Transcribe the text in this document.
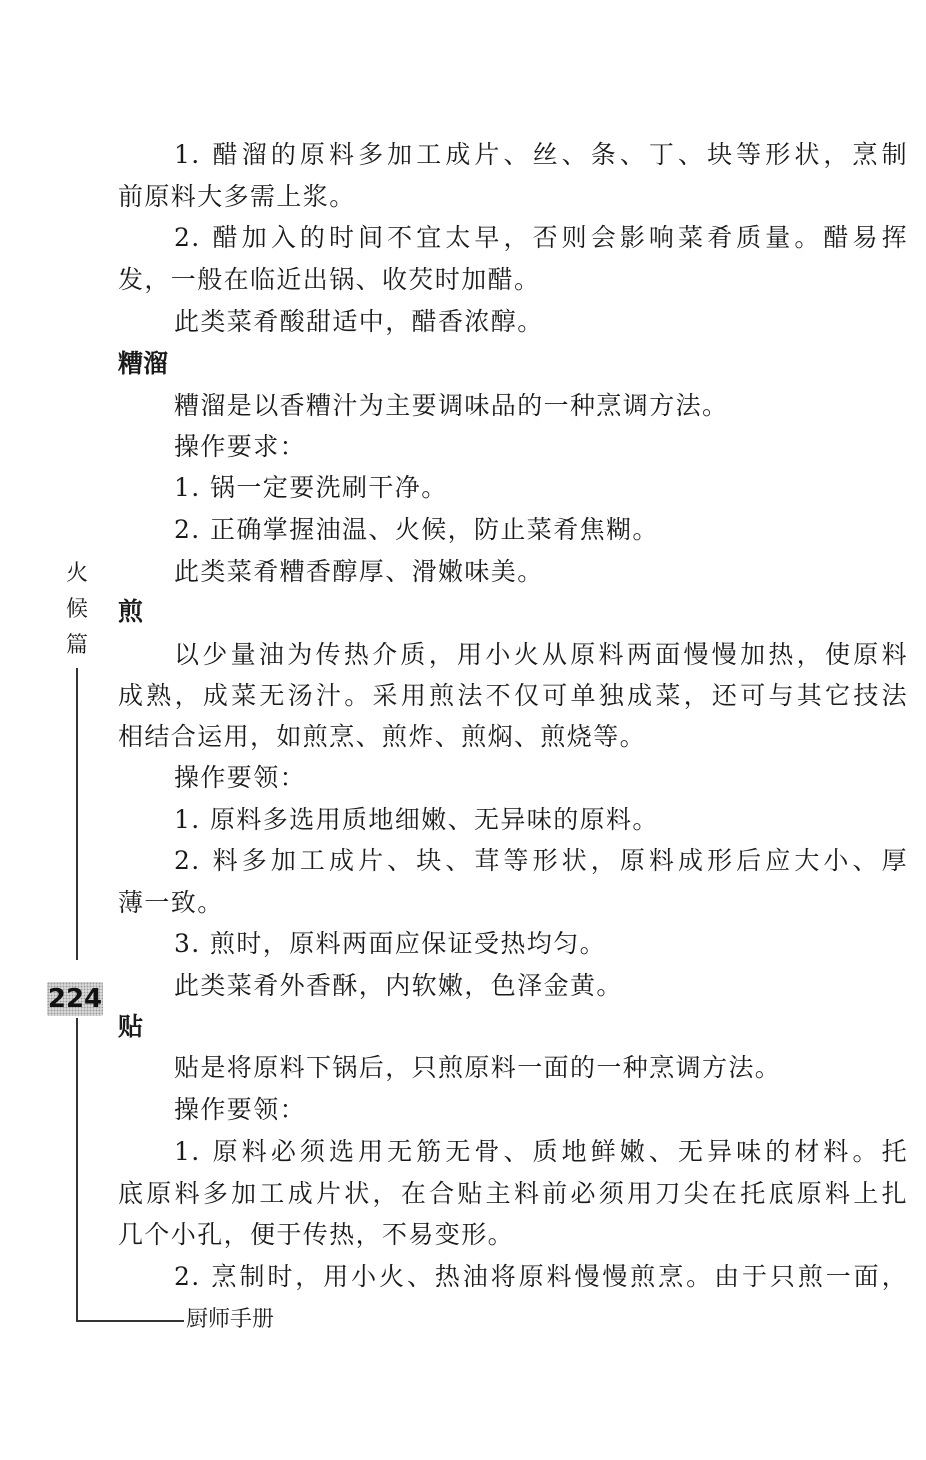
1. 醋溜的原料多加工成片、丝、条、丁、块等形状，烹制
前原料大多需上浆。
2. 醋加入的时间不宜太早，否则会影响菜肴质量。醋易挥
发，一般在临近出锅、收芡时加醋。
此类菜肴酸甜适中，醋香浓醇。
糟溜
糟溜是以香糟汁为主要调味品的一种烹调方法。
操作要求：
1. 锅一定要洗刷干净。
2. 正确掌握油温、火候，防止菜肴焦糊。
此类菜肴糟香醇厚、滑嫩味美。
煎
以少量油为传热介质，用小火从原料两面慢慢加热，使原料
成熟，成菜无汤汁。采用煎法不仅可单独成菜，还可与其它技法
相结合运用，如煎烹、煎炸、煎焖、煎烧等。
操作要领：
1. 原料多选用质地细嫩、无异味的原料。
2. 料多加工成片、块、茸等形状，原料成形后应大小、厚
薄一致。
3. 煎时，原料两面应保证受热均匀。
此类菜肴外香酥，内软嫩，色泽金黄。
贴
贴是将原料下锅后，只煎原料一面的一种烹调方法。
操作要领：
1. 原料必须选用无筋无骨、质地鲜嫩、无异味的材料。托
底原料多加工成片状，在合贴主料前必须用刀尖在托底原料上扎
几个小孔，便于传热，不易变形。
2. 烹制时，用小火、热油将原料慢慢煎烹。由于只煎一面，
火
候
篇
224
厨师手册
